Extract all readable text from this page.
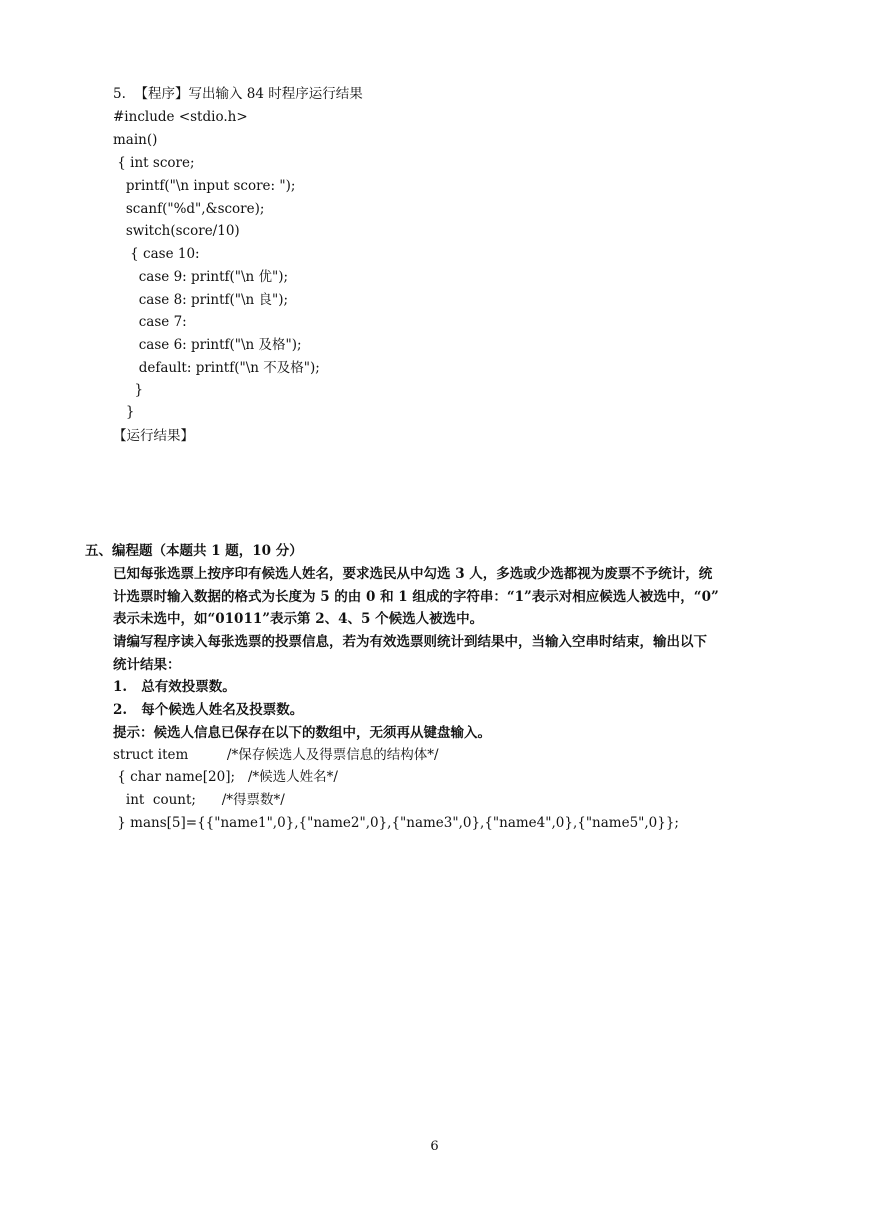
5.  【程序】写出输入 84 时程序运行结果
#include <stdio.h>
main()
{ int score;
printf("\n input score: ");
scanf("%d",&score);
switch(score/10)
{ case 10:
case 9: printf("\n 优");
case 8: printf("\n 良");
case 7:
case 6: printf("\n 及格");
default: printf("\n 不及格");
}
}
【运行结果】
五、编程题（本题共 1 题，10 分）
已知每张选票上按序印有候选人姓名，要求选民从中勾选 3 人，多选或少选都视为废票不予统计，统
计选票时输入数据的格式为长度为 5 的由 0 和 1 组成的字符串：“1”表示对相应候选人被选中，“0”
表示未选中，如“01011”表示第 2、4、5 个候选人被选中。
请编写程序读入每张选票的投票信息，若为有效选票则统计到结果中，当输入空串时结束，输出以下
统计结果：
1.   总有效投票数。
2.   每个候选人姓名及投票数。
提示：候选人信息已保存在以下的数组中，无须再从键盘输入。
struct item         /*保存候选人及得票信息的结构体*/
{ char name[20];   /*候选人姓名*/
int  count;      /*得票数*/
} mans[5]={{"name1",0},{"name2",0},{"name3",0},{"name4",0},{"name5",0}};
6
